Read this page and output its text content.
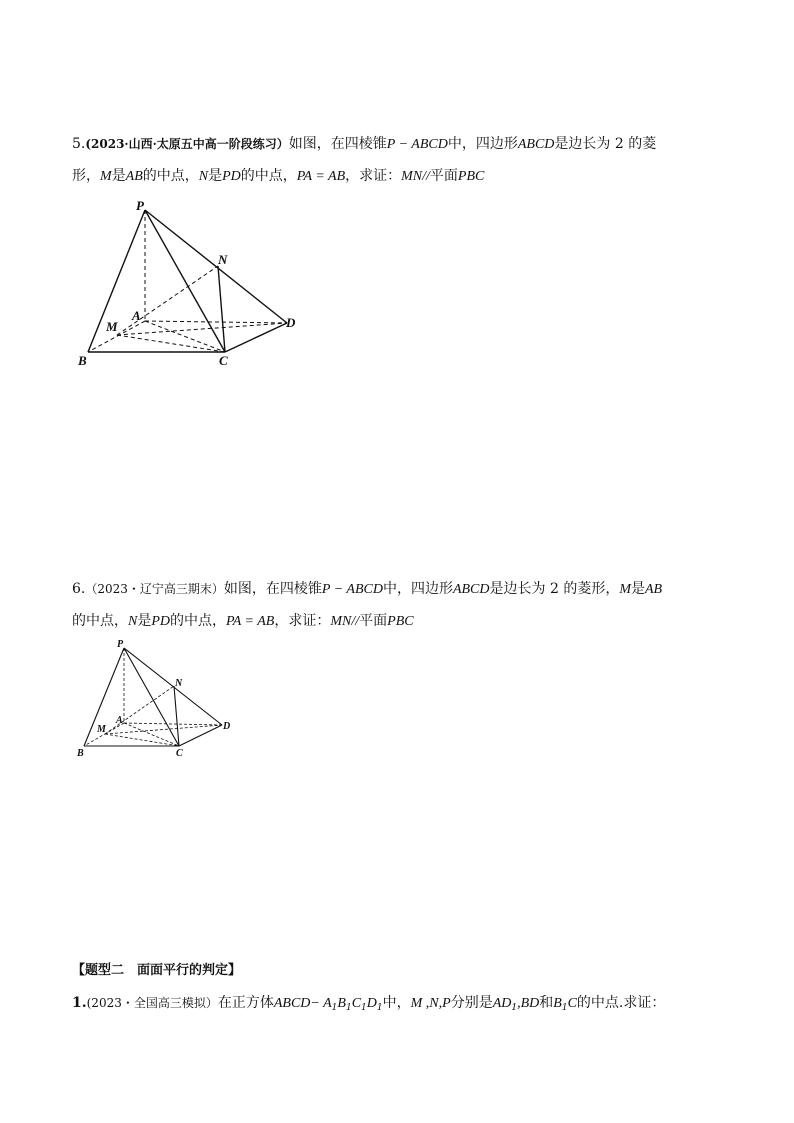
5.(2023·山西·太原五中高一阶段练习）如图，在四棱锥P − ABCD中，四边形ABCD是边长为 2 的菱
形，M是AB的中点，N是PD的中点，PA = AB，求证：MN//平面PBC
P
A
B	C
D
M
N
6.（2023・辽宁高三期末）如图，在四棱锥P − ABCD中，四边形ABCD是边长为 2 的菱形，M是AB
的中点，N是PD的中点，PA = AB，求证：MN//平面PBC
P
A
B	C
D
M
N
【题型二　面面平行的判定】
1.(2023・全国高三模拟）在正方体ABCD− $A_1B_1C_1D_1$中，M ,N,P分别是$AD_1,BD$和$B_1C$的中点.求证：
